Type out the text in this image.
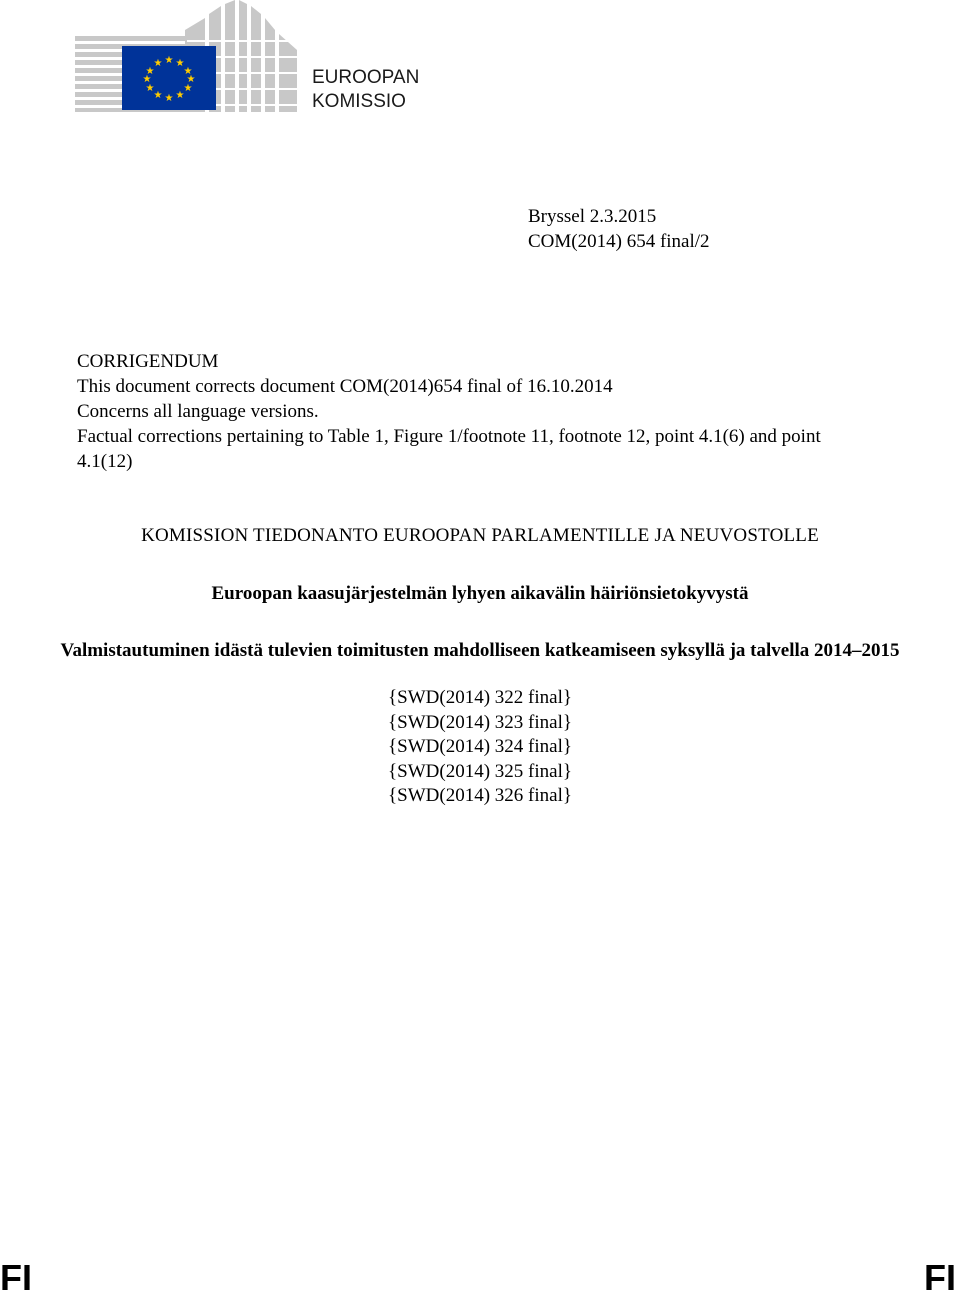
★ ★
★
★
★
★
★
★
★
★
★
★
EUROOPAN
KOMISSIO
Bryssel 2.3.2015
COM(2014) 654 final/2
CORRIGENDUM
This document corrects document COM(2014)654 final of 16.10.2014
Concerns all language versions.
Factual corrections pertaining to Table 1, Figure 1/footnote 11, footnote 12, point 4.1(6) and point 4.1(12)
KOMISSION TIEDONANTO EUROOPAN PARLAMENTILLE JA NEUVOSTOLLE
Euroopan kaasujärjestelmän lyhyen aikavälin häiriönsietokyvystä
Valmistautuminen idästä tulevien toimitusten mahdolliseen katkeamiseen syksyllä ja talvella 2014–2015
{SWD(2014) 322 final}
{SWD(2014) 323 final}
{SWD(2014) 324 final}
{SWD(2014) 325 final}
{SWD(2014) 326 final}
FI	FI
